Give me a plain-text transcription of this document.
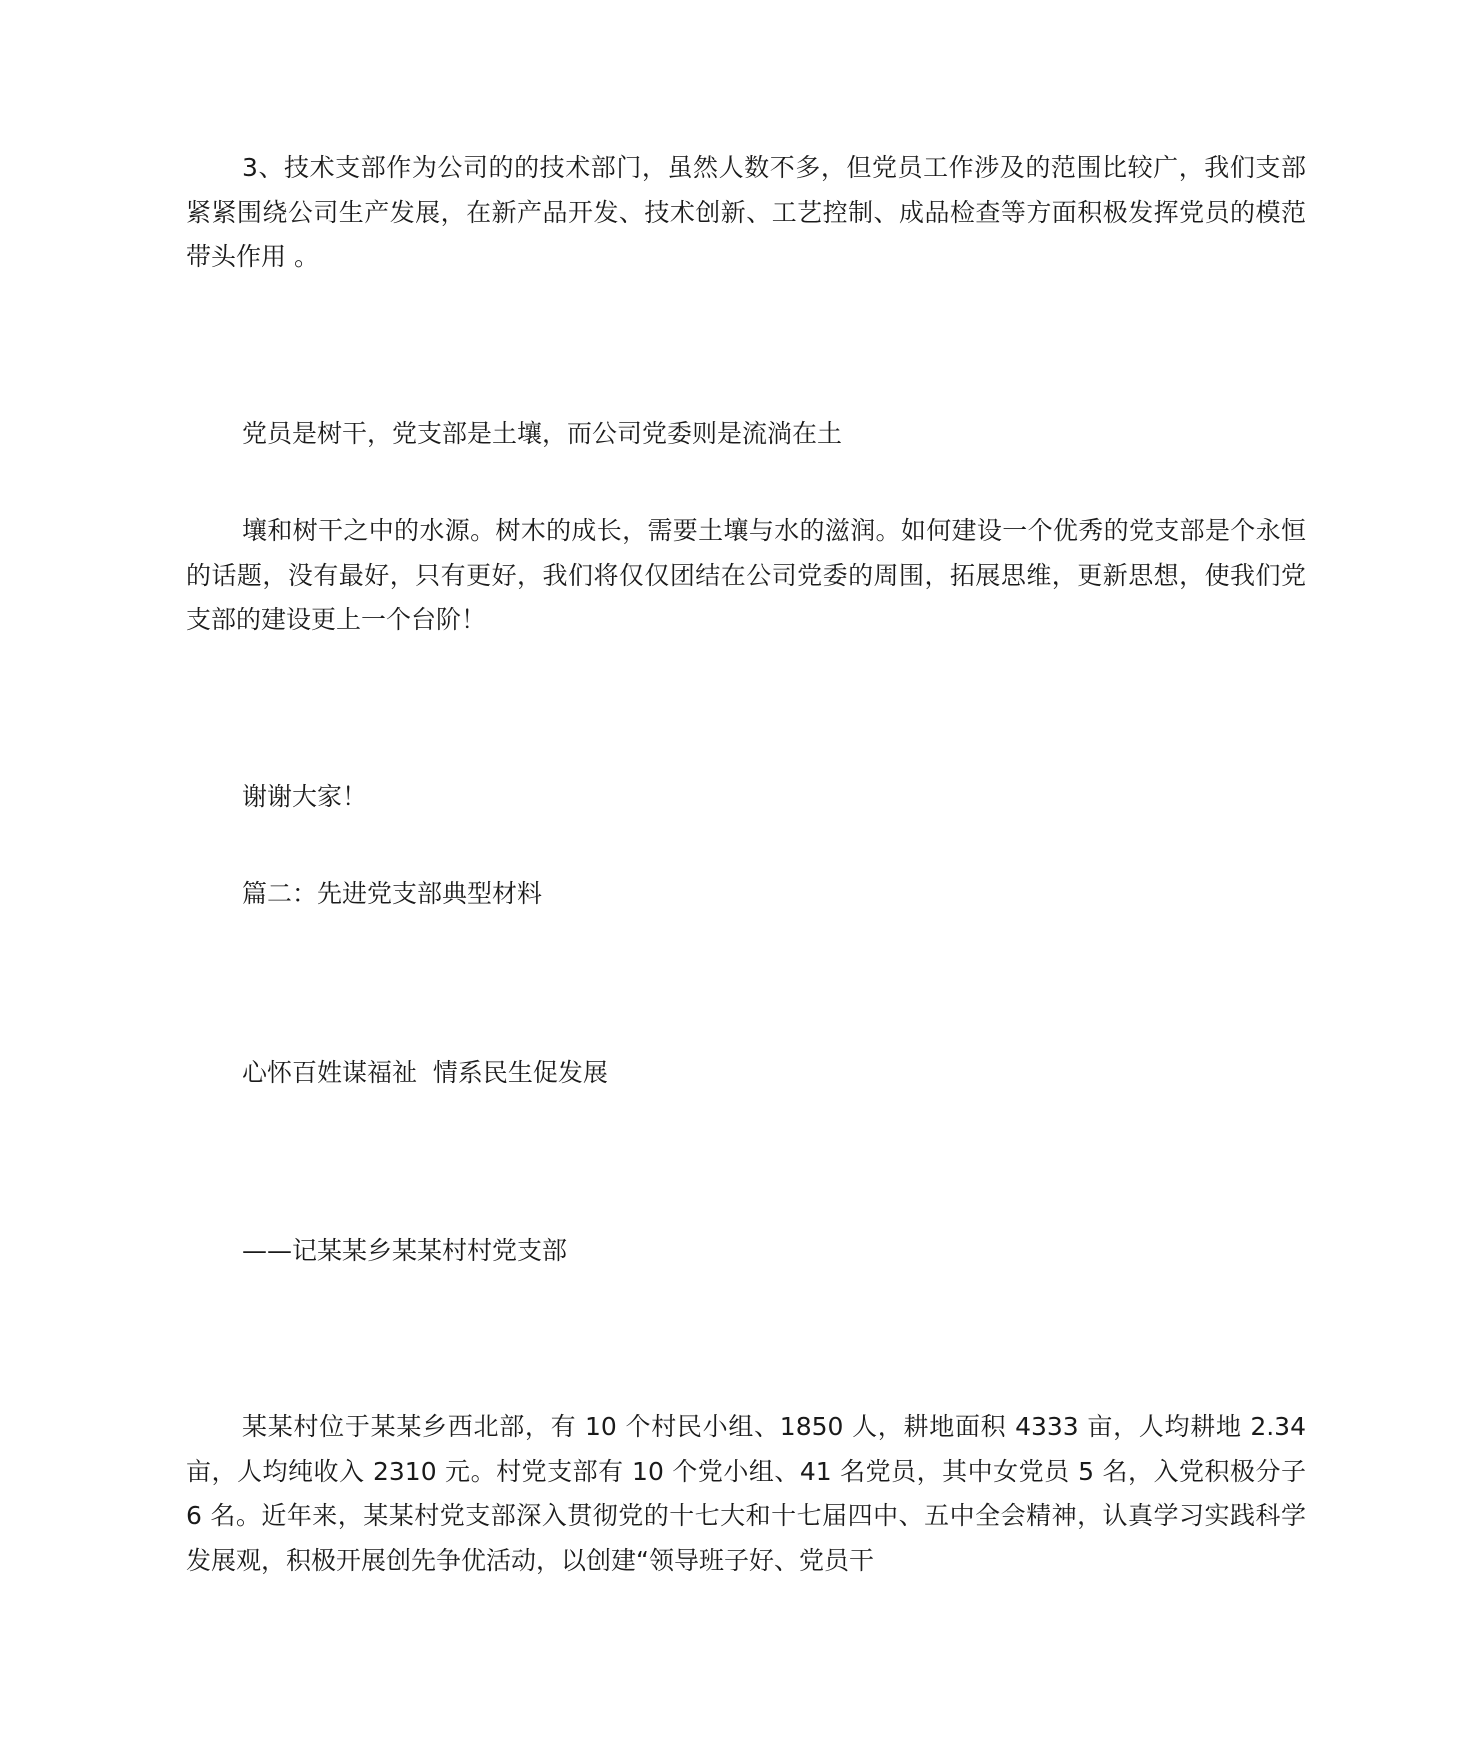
3、技术支部作为公司的的技术部门，虽然人数不多，但党员工作涉及的范围比较广，我们支部紧紧围绕公司生产发展，在新产品开发、技术创新、工艺控制、成品检查等方面积极发挥党员的模范带头作用 。

党员是树干，党支部是土壤，而公司党委则是流淌在土

壤和树干之中的水源。树木的成长，需要土壤与水的滋润。如何建设一个优秀的党支部是个永恒的话题，没有最好，只有更好，我们将仅仅团结在公司党委的周围，拓展思维，更新思想，使我们党支部的建设更上一个台阶！

谢谢大家！

篇二：先进党支部典型材料

心怀百姓谋福祉  情系民生促发展

——记某某乡某某村村党支部

某某村位于某某乡西北部，有 10 个村民小组、1850 人，耕地面积 4333 亩，人均耕地 2.34 亩，人均纯收入 2310 元。村党支部有 10 个党小组、41 名党员，其中女党员 5 名，入党积极分子 6 名。近年来，某某村党支部深入贯彻党的十七大和十七届四中、五中全会精神，认真学习实践科学发展观，积极开展创先争优活动，以创建“领导班子好、党员干
